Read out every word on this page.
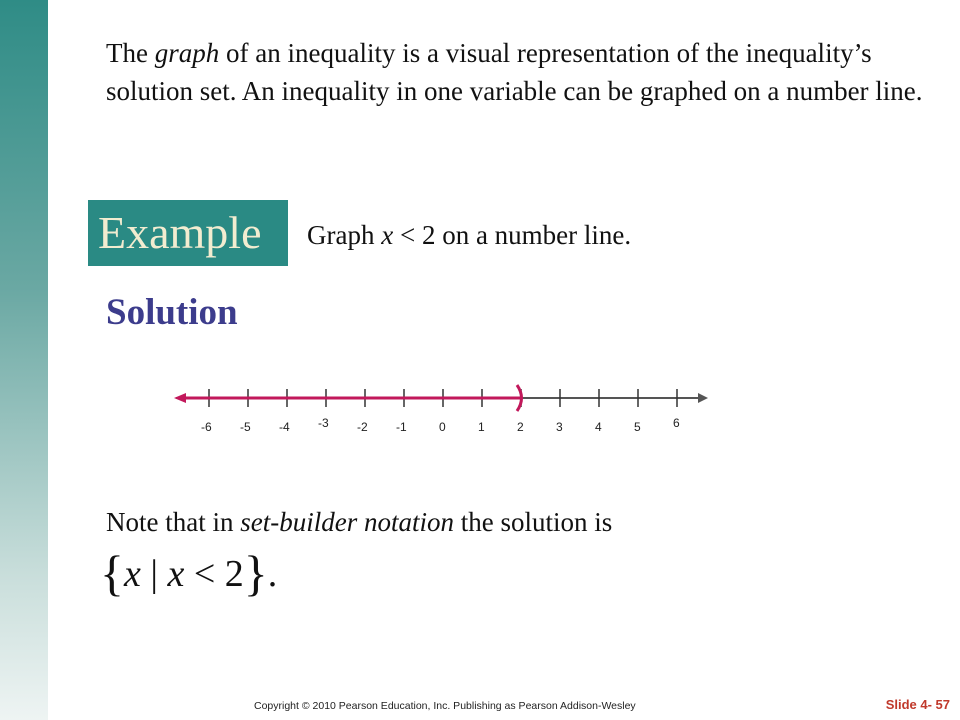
The graph of an inequality is a visual representation of the inequality’s solution set. An inequality in one variable can be graphed on a number line.
Example	Graph x < 2 on a number line.
Solution
-6 -5 -4 -3 -2 -1	0	1	2	3	4	5	6
Note that in set-builder notation the solution is
{x | x < 2}.
Copyright © 2010 Pearson Education, Inc. Publishing as Pearson Addison-Wesley	Slide 4- 57
